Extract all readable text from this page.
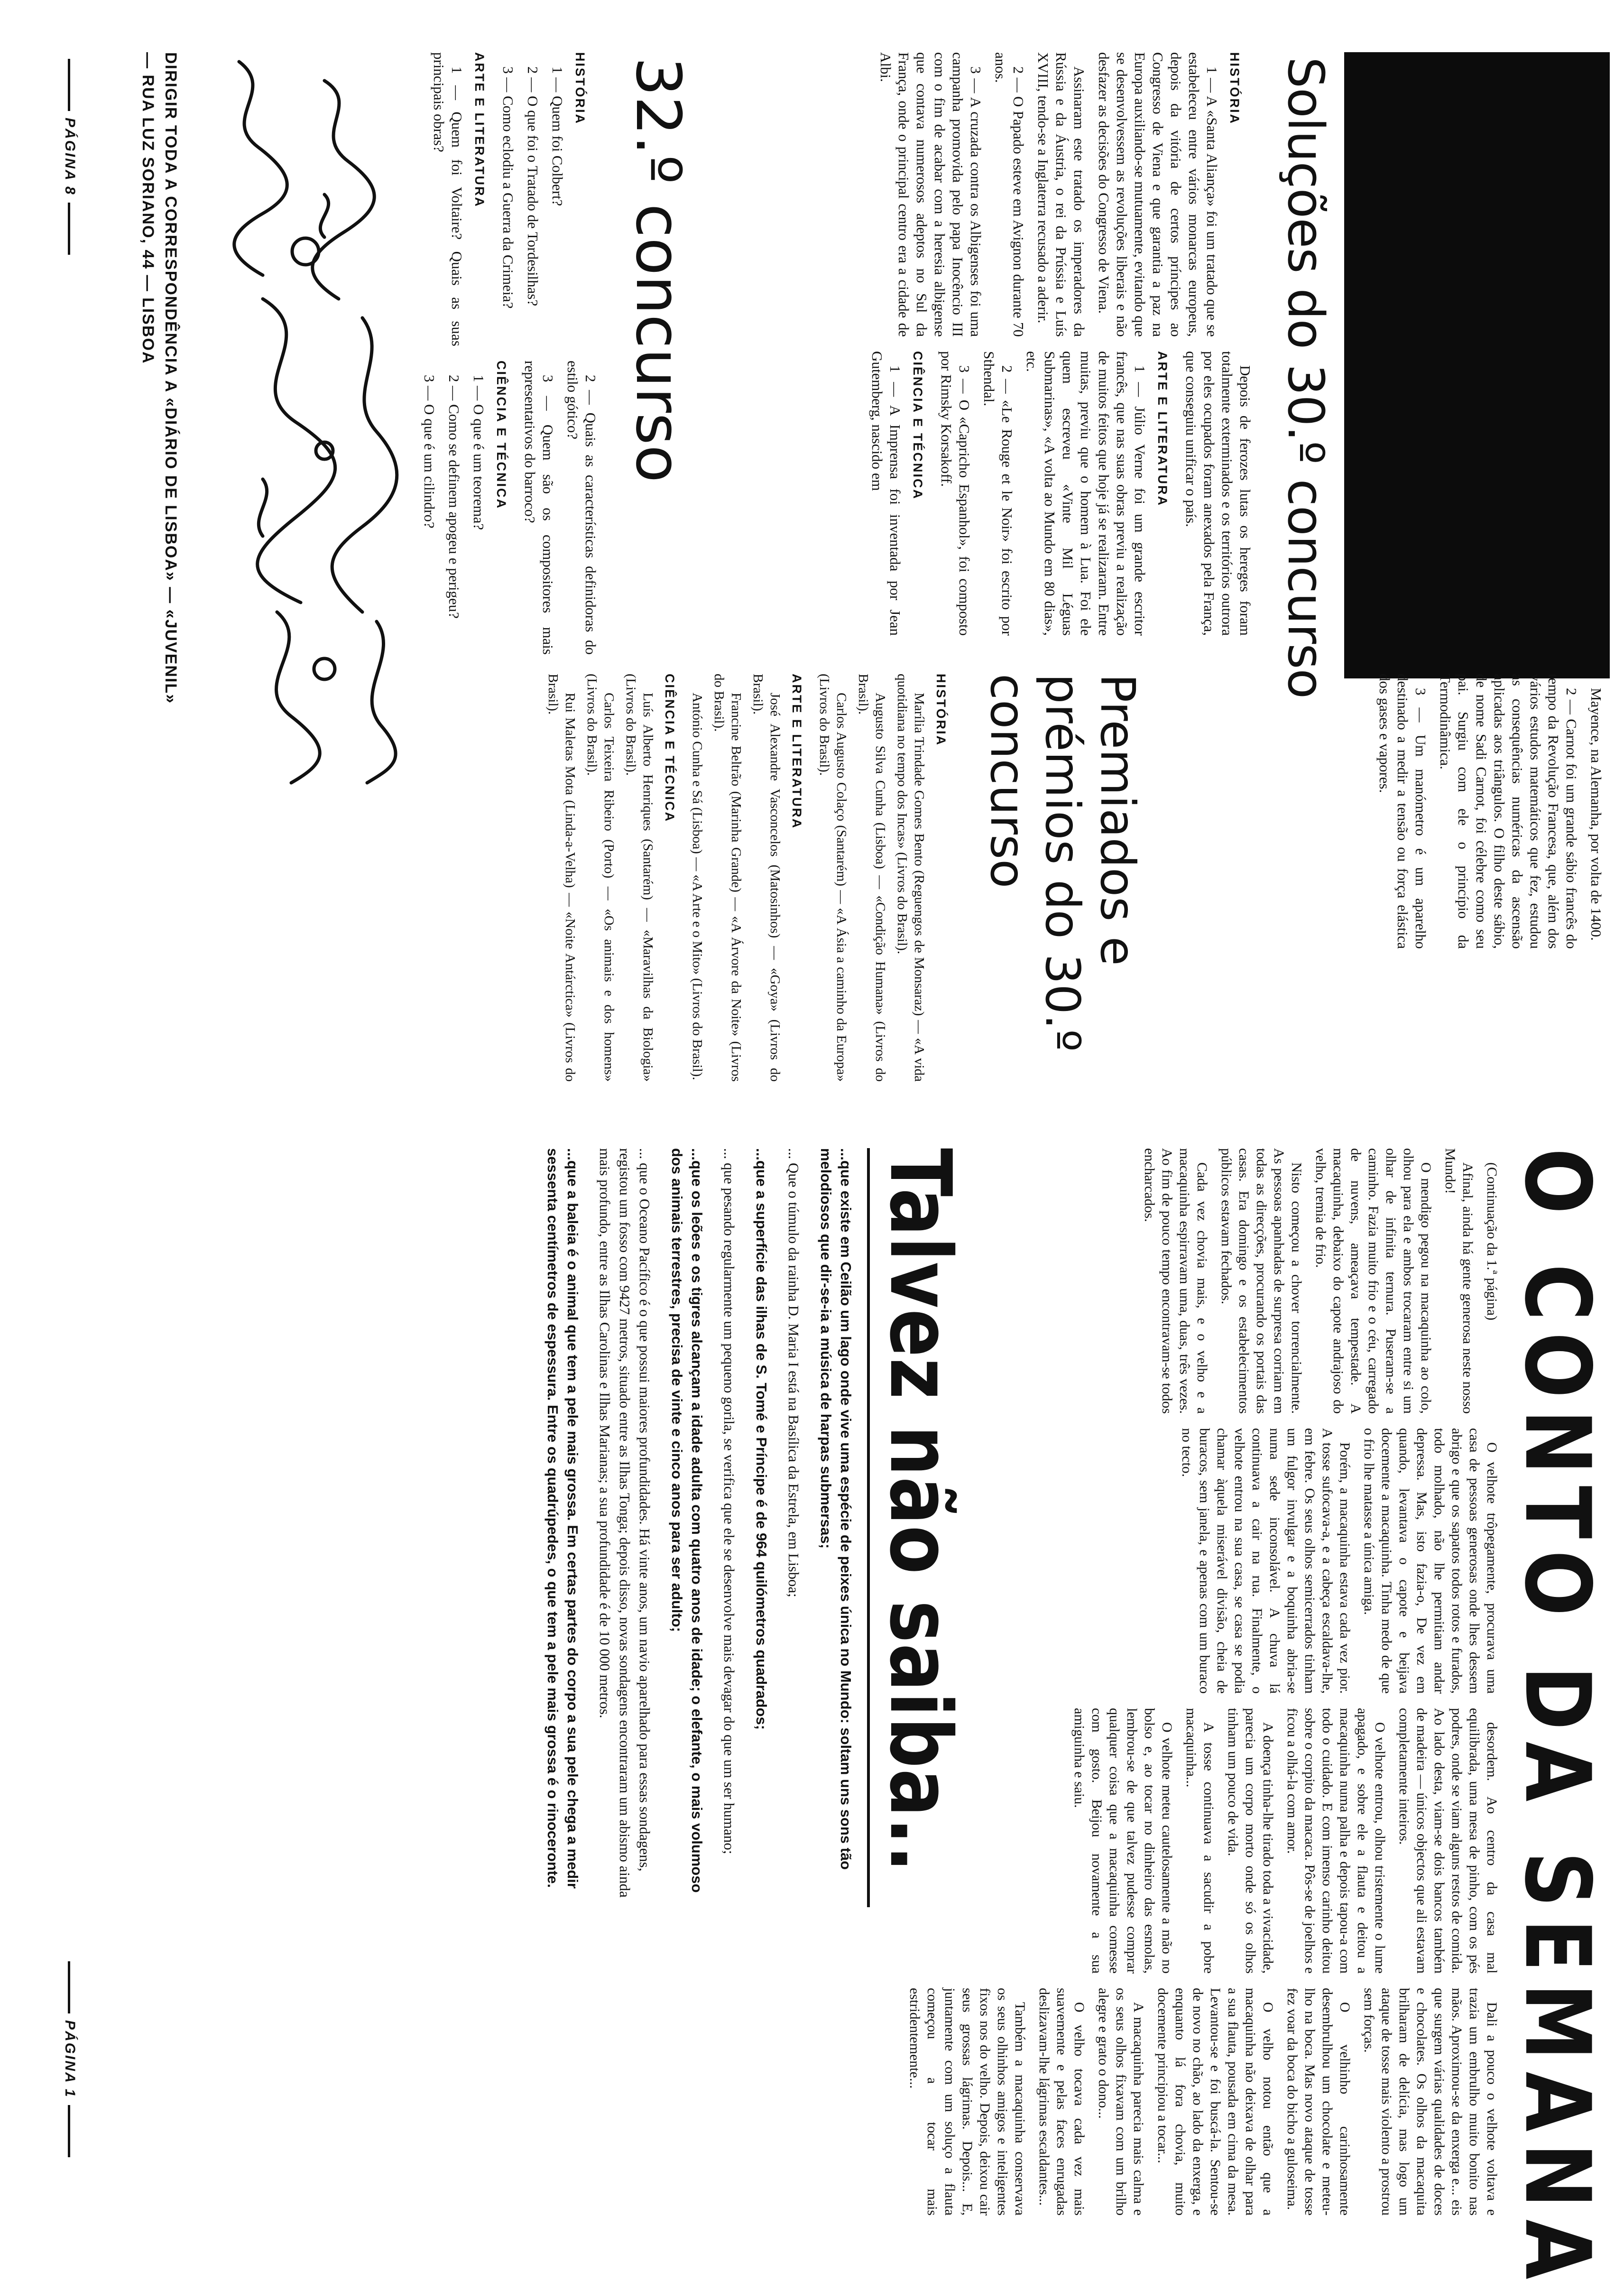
Soluções do 30.º concurso
HISTÓRIA

1 — A «Santa Aliança» foi um tratado que se estabeleceu entre vários monarcas europeus, depois da vitória de certos príncipes ao Congresso de Viena e que garantia a paz na Europa auxiliando-se mutuamente, evitando que se desenvolvessem as revoluções liberais e não desfazer as decisões do Congresso de Viena.

Assinaram este tratado os imperadores da Rússia e da Áustria, o rei da Prússia e Luís XVIII, tendo-se a Inglaterra recusado a aderir.

2 — O Papado esteve em Avignon durante 70 anos.

3 — A cruzada contra os Albigenses foi uma campanha promovida pelo papa Inocêncio III com o fim de acabar com a heresia albigense que contava numerosos adeptos no Sul da França, onde o principal centro era a cidade de Albi.

Depois de ferozes lutas os hereges foram totalmente exterminados e os territórios outrora por eles ocupados foram anexados pela França, que conseguiu unificar o país.

ARTE E LITERATURA

1 — Júlio Verne foi um grande escritor francês, que nas suas obras previu a realização de muitos feitos que hoje já se realizaram. Entre muitas, previu que o homem à Lua. Foi ele quem escreveu «Vinte Mil Léguas Submarinas», «A volta ao Mundo em 80 dias», etc.

2 — «Le Rouge et le Noir» foi escrito por Sthendal.

3 — O «Capricho Espanhol», foi composto por Rimsky Korsakoff.

CIÊNCIA E TÉCNICA

1 — A Imprensa foi inventada por Jean Gutemberg, nascido em

Mayence, na Alemanha, por volta de 1400.

2 — Carnot foi um grande sábio francês do tempo da Revolução Francesa, que, além dos vários estudos matemáticos que fez, estudou as consequências numéricas da ascensão aplicadas aos triângulos. O filho deste sábio, de nome Sadi Carnot, foi célebre como seu pai. Surgiu com ele o princípio da Termodinâmica.

3 — Um manómetro é um aparelho destinado a medir a tensão ou força elástica dos gases e vapores.

Premiados e prémios do 30.º concurso
HISTÓRIA

Marília Trindade Gomes Bento (Reguengos de Monsaraz) — «A vida quotidiana no tempo dos Incas» (Livros do Brasil).

Augusto Silva Cunha (Lisboa) — «Condição Humana» (Livros do Brasil).

Carlos Augusto Colaço (Santarém) — «A Ásia a caminho da Europa» (Livros do Brasil).

ARTE E LITERATURA

José Alexandre Vasconcelos (Matosinhos) — «Goya» (Livros do Brasil).

Francine Beltrão (Marinha Grande) — «A Árvore da Noite» (Livros do Brasil).

António Cunha e Sá (Lisboa) — «A Arte e o Mito» (Livros do Brasil).

CIÊNCIA E TÉCNICA

Luís Alberto Henriques (Santarém) — «Maravilhas da Biologia» (Livros do Brasil).

Carlos Teixeira Ribeiro (Porto) — «Os animais e dos homens» (Livros do Brasil).

Rui Maletas Mota (Linda-a-Velha) — «Noite Antárctica» (Livros do Brasil).

32.º concurso
HISTÓRIA

1 — Quem foi Colbert?

2 — O que foi o Tratado de Tordesilhas?

3 — Como eclodiu a Guerra da Crimeia?

ARTE E LITERATURA

1 — Quem foi Voltaire? Quais as suas principais obras?

2 — Quais as características definidoras do estilo gótico?

3 — Quem são os compositores mais representativos do barroco?

CIÊNCIA E TÉCNICA

1 — O que é um teorema?

2 — Como se definem apogeu e perigeu?

3 — O que é um cilindro?

DIRIGIR TODA A CORRESPONDÊNCIA A «DIÁRIO DE LISBOA» — «JUVENIL» — RUA LUZ SORIANO, 44 — LISBOA
PÁGINA 8
O CONTO DA SEMANA

(Continuação da 1.ª página)

Afinal, ainda há gente generosa neste nosso Mundo!

O mendigo pegou na macaquinha ao colo, olhou para ela e ambos trocaram entre si um olhar de infinita ternura. Puseram-se a caminho. Fazia muito frio e o céu, carregado de nuvens, ameaçava tempestade. A macaquinha, debaixo do capote andrajoso do velho, tremia de frio.

Nisto começou a chover torrencialmente. As pessoas apanhadas de surpresa corriam em todas as direcções, procurando os portais das casas. Era domingo e os estabelecimentos públicos estavam fechados.

Cada vez chovia mais, e o velho e a macaquinha espirravam uma, duas, três vezes. Ao fim de pouco tempo encontravam-se todos encharcados.

O velhote trôpegamente, procurava uma casa de pessoas generosas onde lhes dessem abrigo e que os sapatos todos rotos e furados, todo molhado, não lhe permitiam andar depressa. Mas, isto fazia-o, De vez em quando, levantava o capote e beijava docemente a macaquinha. Tinha medo de que o frio lhe matasse a única amiga.

Porém, a macaquinha estava cada vez pior. A tosse sufocava-a, e a cabeça escaldava-lhe, em febre. Os seus olhos semicerrados tinham um fulgor invulgar e a boquinha abria-se numa sede inconsolável. A chuva lá continuava a cair na rua. Finalmente, o velhote entrou na sua casa, se casa se podia chamar àquela miserável divisão, cheia de buracos, sem janela, e apenas com um buraco no tecto.

desordem. Ao centro da casa mal equilibrada, uma mesa de pinho, com os pés podres, onde se viam alguns restos de comida. Ao lado desta, viam-se dois bancos também de madeira — únicos objectos que ali estavam completamente inteiros.

O velhote entrou, olhou tristemente o lume apagado, e sobre ele a flauta e deitou a macaquinha numa palha e depois tapou-a com todo o cuidado. E com imenso carinho deitou sobre o corpito da macaca. Pôs-se de joelhos e ficou a olhá-la com amor.

A doença tinha-lhe tirado toda a vivacidade, parecia um corpo morto onde só os olhos tinham um pouco de vida.

A tosse continuava a sacudir a pobre macaquinha...

O velhote meteu cautelosamente a mão no bolso e, ao tocar no dinheiro das esmolas, lembrou-se de que talvez pudesse comprar qualquer coisa que a macaquinha comesse com gosto. Beijou novamente a sua amiguinha e saiu.

Dali a pouco o velhote voltava e trazia um embrulho muito bonito nas mãos. Aproximou-se da enxerga e... eis que surgem várias qualidades de doces e chocolates. Os olhos da macaquita brilharam de delícia, mas logo um ataque de tosse mais violento a prostrou sem forças.

O velhinho carinhosamente desembrulhou um chocolate e meteu-lho na boca. Mas novo ataque de tosse fez voar da boca do bicho a guloseima.

O velho notou então que a macaquinha não deixava de olhar para a sua flauta, pousada em cima da mesa. Levantou-se e foi buscá-la. Sentou-se de novo no chão, ao lado da enxerga, e enquanto lá fora chovia, muito docemente principiou a tocar...

A macaquinha parecia mais calma e os seus olhos fixavam com um brilho alegre e grato o dono...

O velho tocava cada vez mais suavemente e pelas faces enrugadas deslizavam-lhe lágrimas escaldantes...

Também a macaquinha conservava os seus olhinhos amigos e inteligentes fixos nos do velho. Depois, deixou cair seus grossas lágrimas. Depois... E, juntamente com um soluço a flauta começou a tocar mais estridentemente...

Talvez não saiba..

...que existe em Ceilão um lago onde vive uma espécie de peixes única no Mundo: soltam uns sons tão melodiosos que dir-se-ia a música de harpas submersas;

... Que o túmulo da rainha D. Maria I está na Basílica da Estrela, em Lisboa;

...que a superfície das ilhas de S. Tomé e Príncipe é de 964 quilómetros quadrados;

... que pesando regularmente um pequeno gorila, se verifica que ele se desenvolve mais devagar do que um ser humano;

...que os leões e os tigres alcançam a idade adulta com quatro anos de idade; o elefante, o mais volumoso dos animais terrestres, precisa de vinte e cinco anos para ser adulto;

... que o Oceano Pacífico é o que possui maiores profundidades. Há vinte anos, um navio aparelhado para essas sondagens, registou um fosso com 9427 metros, situado entre as Ilhas Tonga; depois disso, novas sondagens encontraram um abismo ainda mais profundo, entre as Ilhas Carolinas e Ilhas Marianas; a sua profundidade é de 10 000 metros.

...que a baleia é o animal que tem a pele mais grossa. Em certas partes do corpo a sua pele chega a medir sessenta centímetros de espessura. Entre os quadrúpedes, o que tem a pele mais grossa é o rinoceronte.

PÁGINA 1
